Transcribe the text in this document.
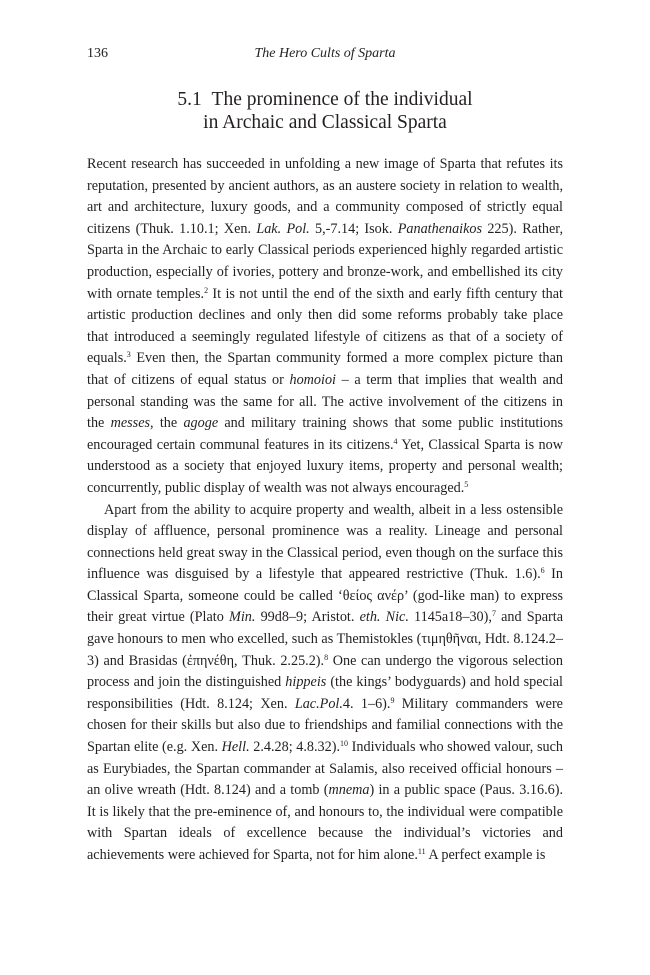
136	The Hero Cults of Sparta
5.1 The prominence of the individual
in Archaic and Classical Sparta

Recent research has succeeded in unfolding a new image of Sparta that refutes its reputation, presented by ancient authors, as an austere society in relation to wealth, art and architecture, luxury goods, and a community composed of strictly equal citizens (Thuk. 1.10.1; Xen. Lak. Pol. 5,-7.14; Isok. Panathenaikos 225). Rather, Sparta in the Archaic to early Classical periods experienced highly regarded artistic production, especially of ivories, pottery and bronze-work, and embellished its city with ornate temples.$^2$ It is not until the end of the sixth and early fifth century that artistic production declines and only then did some reforms probably take place that introduced a seemingly regulated lifestyle of citizens as that of a society of equals.$^3$ Even then, the Spartan community formed a more complex picture than that of citizens of equal status or homoioi – a term that implies that wealth and personal standing was the same for all. The active involvement of the citizens in the messes, the agoge and military training shows that some public institutions encouraged certain communal features in its citizens.$^4$ Yet, Classical Sparta is now understood as a society that enjoyed luxury items, property and personal wealth; concurrently, public display of wealth was not always encouraged.$^5$

Apart from the ability to acquire property and wealth, albeit in a less ostensible display of affluence, personal prominence was a reality. Lineage and personal connections held great sway in the Classical period, even though on the surface this influence was disguised by a lifestyle that appeared restrictive (Thuk. 1.6).$^6$ In Classical Sparta, someone could be called ‘θείος ανέρ’ (god-like man) to express their great virtue (Plato Min. 99d8–9; Aristot. eth. Nic. 1145a18–30),$^7$ and Sparta gave honours to men who excelled, such as Themistokles (τιμηθῆναι, Hdt. 8.124.2–3) and Brasidas (ἐπηνέθη, Thuk. 2.25.2).$^8$ One can undergo the vigorous selection process and join the distinguished hippeis (the kings’ bodyguards) and hold special responsibilities (Hdt. 8.124; Xen. Lac.Pol.4. 1–6).$^9$ Military commanders were chosen for their skills but also due to friendships and familial connections with the Spartan elite (e.g. Xen. Hell. 2.4.28; 4.8.32).$^{10}$ Individuals who showed valour, such as Eurybiades, the Spartan commander at Salamis, also received official honours – an olive wreath (Hdt. 8.124) and a tomb (mnema) in a public space (Paus. 3.16.6). It is likely that the pre-eminence of, and honours to, the individual were compatible with Spartan ideals of excellence because the individual’s victories and achievements were achieved for Sparta, not for him alone.$^{11}$ A perfect example is
